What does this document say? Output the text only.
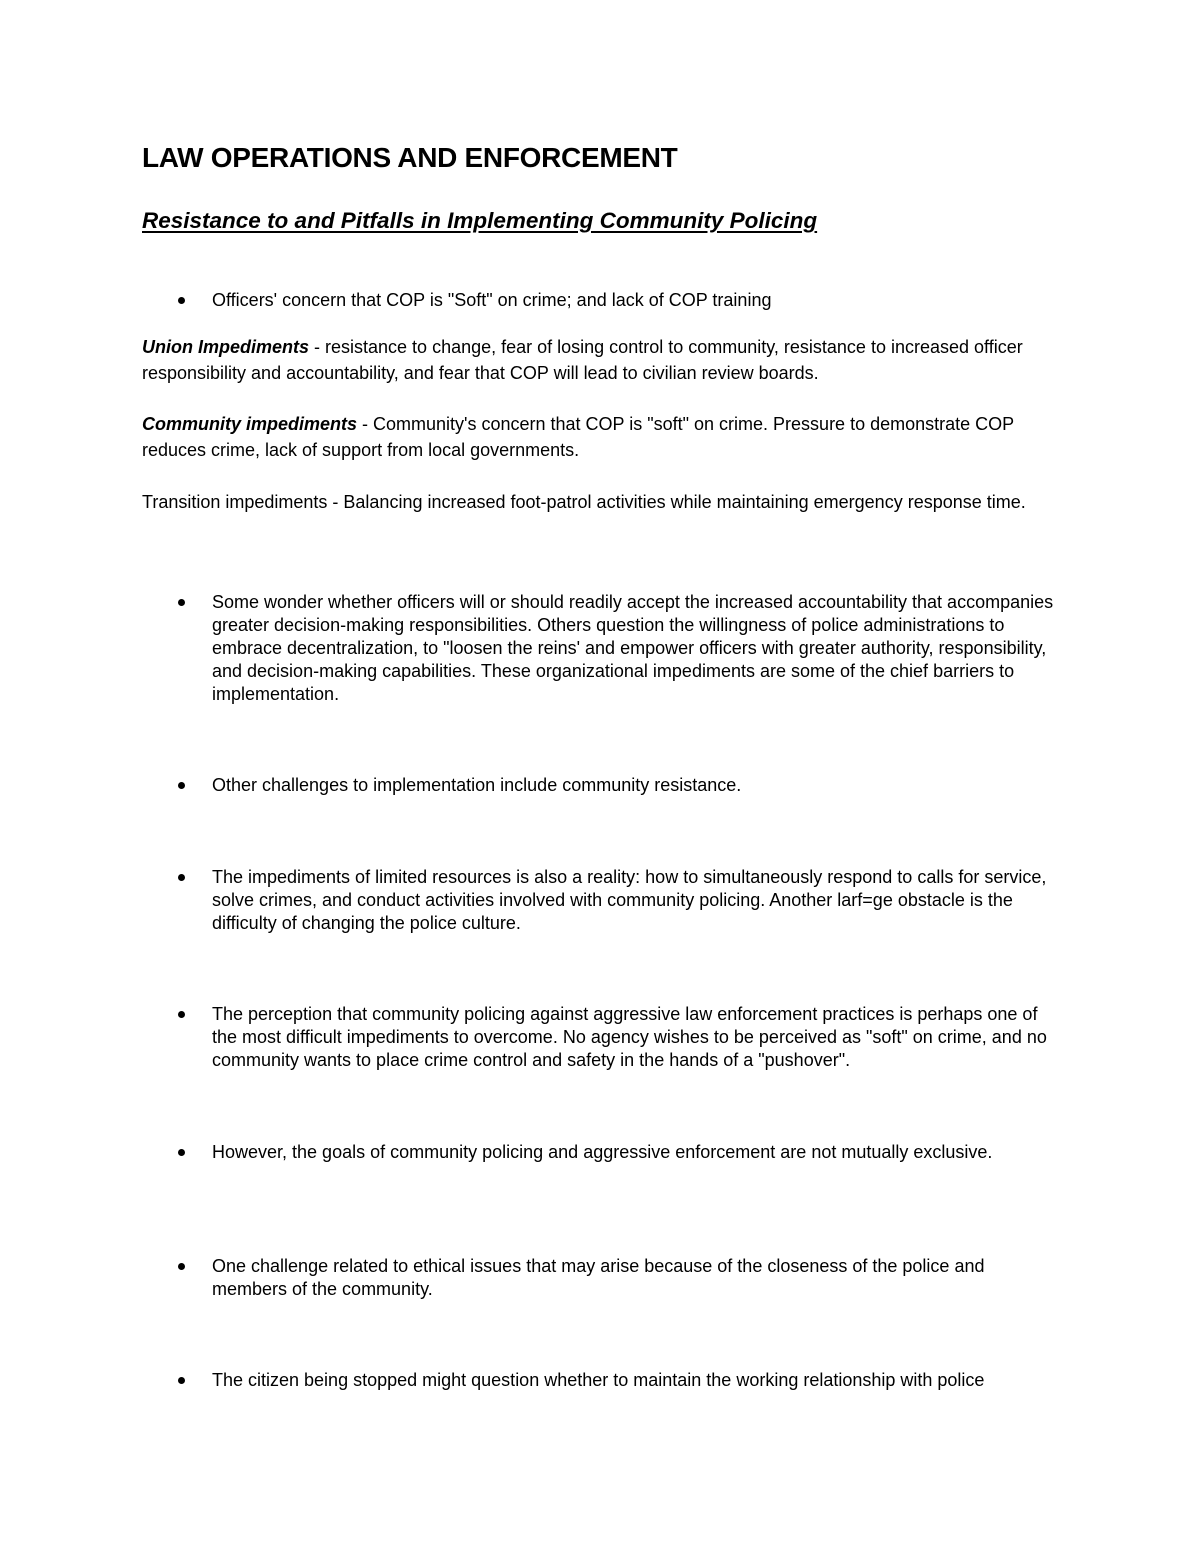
LAW OPERATIONS AND ENFORCEMENT
Resistance to and Pitfalls in Implementing Community Policing
Officers' concern that COP is "Soft" on crime; and lack of COP training

Union Impediments - resistance to change, fear of losing control to community, resistance to increased officer responsibility and accountability, and fear that COP will lead to civilian review boards.

Community impediments - Community's concern that COP is "soft" on crime. Pressure to demonstrate COP reduces crime, lack of support from local governments.

Transition impediments - Balancing increased foot-patrol activities while maintaining emergency response time.

Some wonder whether officers will or should readily accept the increased accountability that accompanies greater decision-making responsibilities. Others question the willingness of police administrations to embrace decentralization, to "loosen the reins' and empower officers with greater authority, responsibility, and decision-making capabilities. These organizational impediments are some of the chief barriers to implementation.
Other challenges to implementation include community resistance.
The impediments of limited resources is also a reality: how to simultaneously respond to calls for service, solve crimes, and conduct activities involved with community policing. Another larf=ge obstacle is the difficulty of changing the police culture.
The perception that community policing against aggressive law enforcement practices is perhaps one of the most difficult impediments to overcome. No agency wishes to be perceived as "soft" on crime, and no community wants to place crime control and safety in the hands of a "pushover".
However, the goals of community policing and aggressive enforcement are not mutually exclusive.
One challenge related to ethical issues that may arise because of the closeness of the police and members of the community.
The citizen being stopped might question whether to maintain the working relationship with police
